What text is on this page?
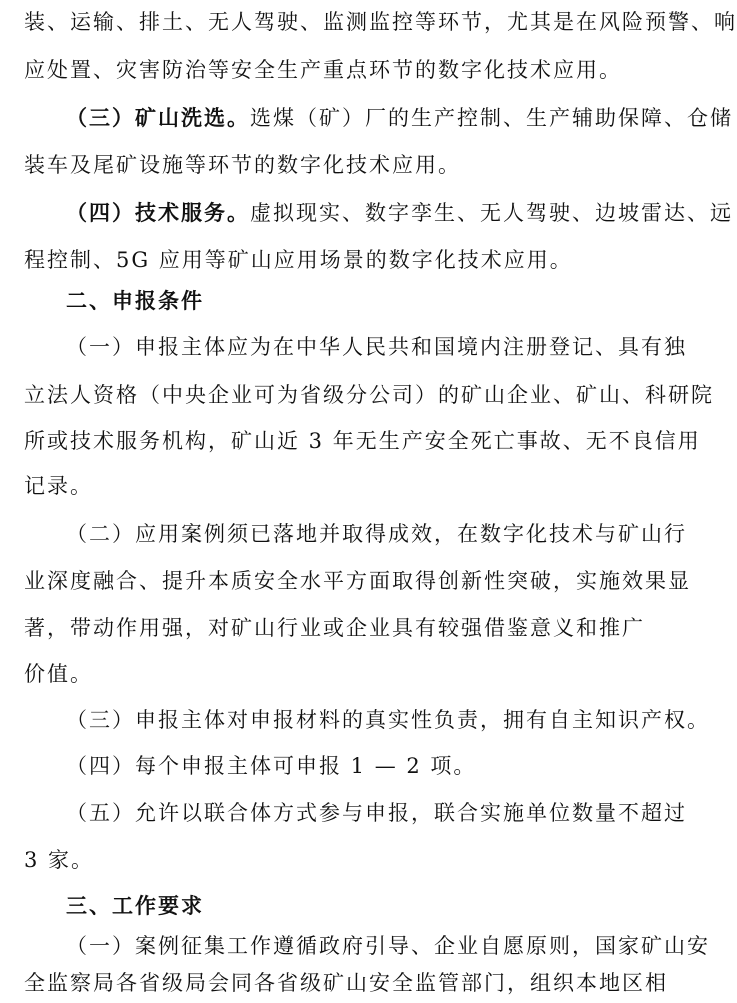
装、运输、排土、无人驾驶、监测监控等环节，尤其是在风险预警、响
应处置、灾害防治等安全生产重点环节的数字化技术应用。
（三）矿山洗选。选煤（矿）厂的生产控制、生产辅助保障、仓储
装车及尾矿设施等环节的数字化技术应用。
（四）技术服务。虚拟现实、数字孪生、无人驾驶、边坡雷达、远
程控制、5G 应用等矿山应用场景的数字化技术应用。
二、申报条件
（一）申报主体应为在中华人民共和国境内注册登记、具有独
立法人资格（中央企业可为省级分公司）的矿山企业、矿山、科研院
所或技术服务机构，矿山近 3 年无生产安全死亡事故、无不良信用
记录。
（二）应用案例须已落地并取得成效，在数字化技术与矿山行
业深度融合、提升本质安全水平方面取得创新性突破，实施效果显
著，带动作用强，对矿山行业或企业具有较强借鉴意义和推广
价值。
（三）申报主体对申报材料的真实性负责，拥有自主知识产权。
（四）每个申报主体可申报 1 — 2 项。
（五）允许以联合体方式参与申报，联合实施单位数量不超过
3 家。
三、工作要求
（一）案例征集工作遵循政府引导、企业自愿原则，国家矿山安
全监察局各省级局会同各省级矿山安全监管部门，组织本地区相
